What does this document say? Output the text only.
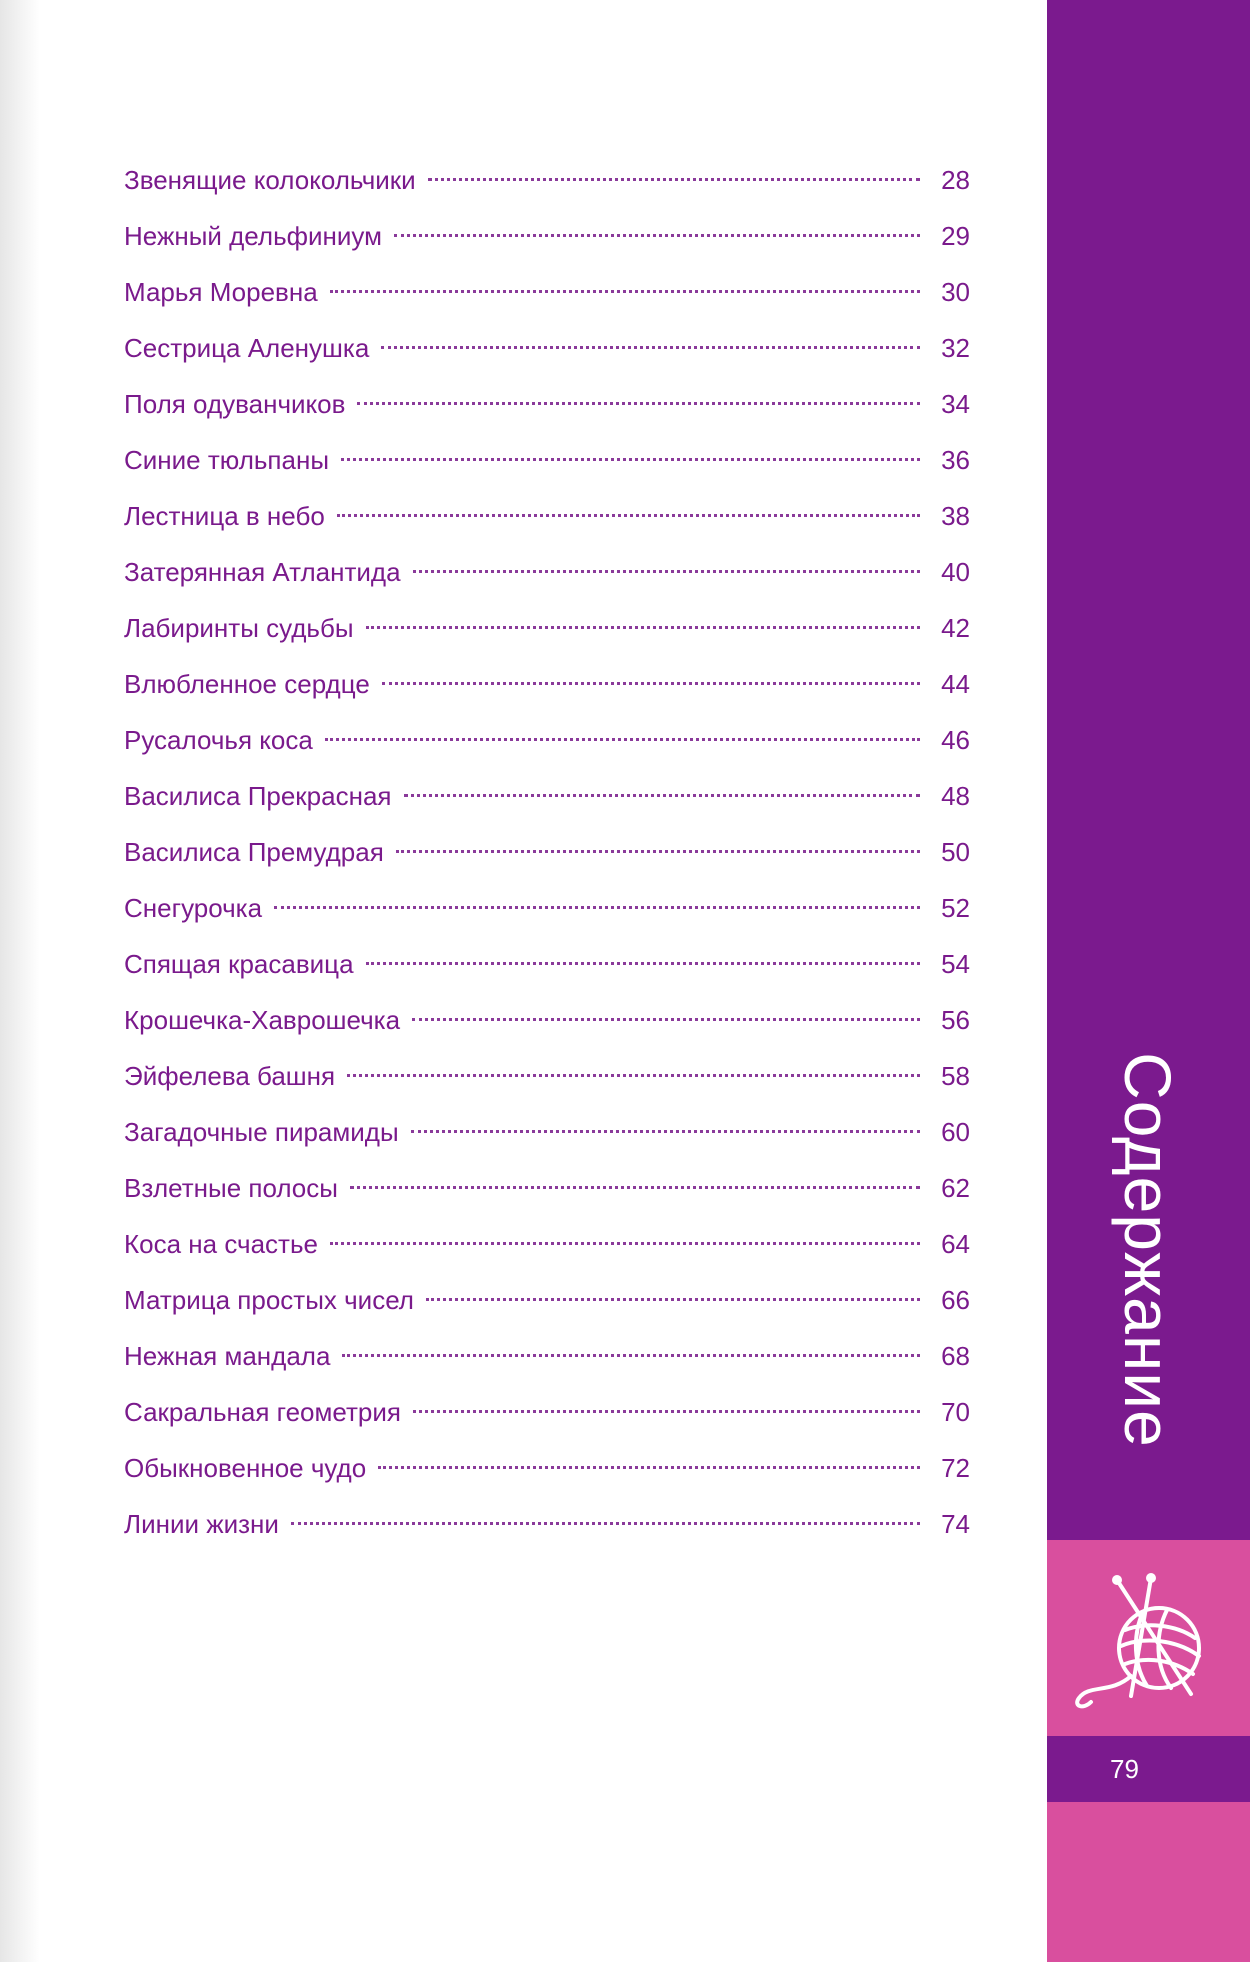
Звенящие колокольчики	28
Нежный дельфиниум	29
Марья Моревна	30
Сестрица Аленушка	32
Поля одуванчиков	34
Синие тюльпаны	36
Лестница в небо	38
Затерянная Атлантида	40
Лабиринты судьбы	42
Влюбленное сердце	44
Русалочья коса	46
Василиса Прекрасная	48
Василиса Премудрая	50
Снегурочка	52
Спящая красавица	54
Крошечка-Хаврошечка	56
Эйфелева башня	58
Загадочные пирамиды	60
Взлетные полосы	62
Коса на счастье	64
Матрица простых чисел	66
Нежная мандала	68
Сакральная геометрия	70
Обыкновенное чудо	72
Линии жизни	74
Содержание
79
